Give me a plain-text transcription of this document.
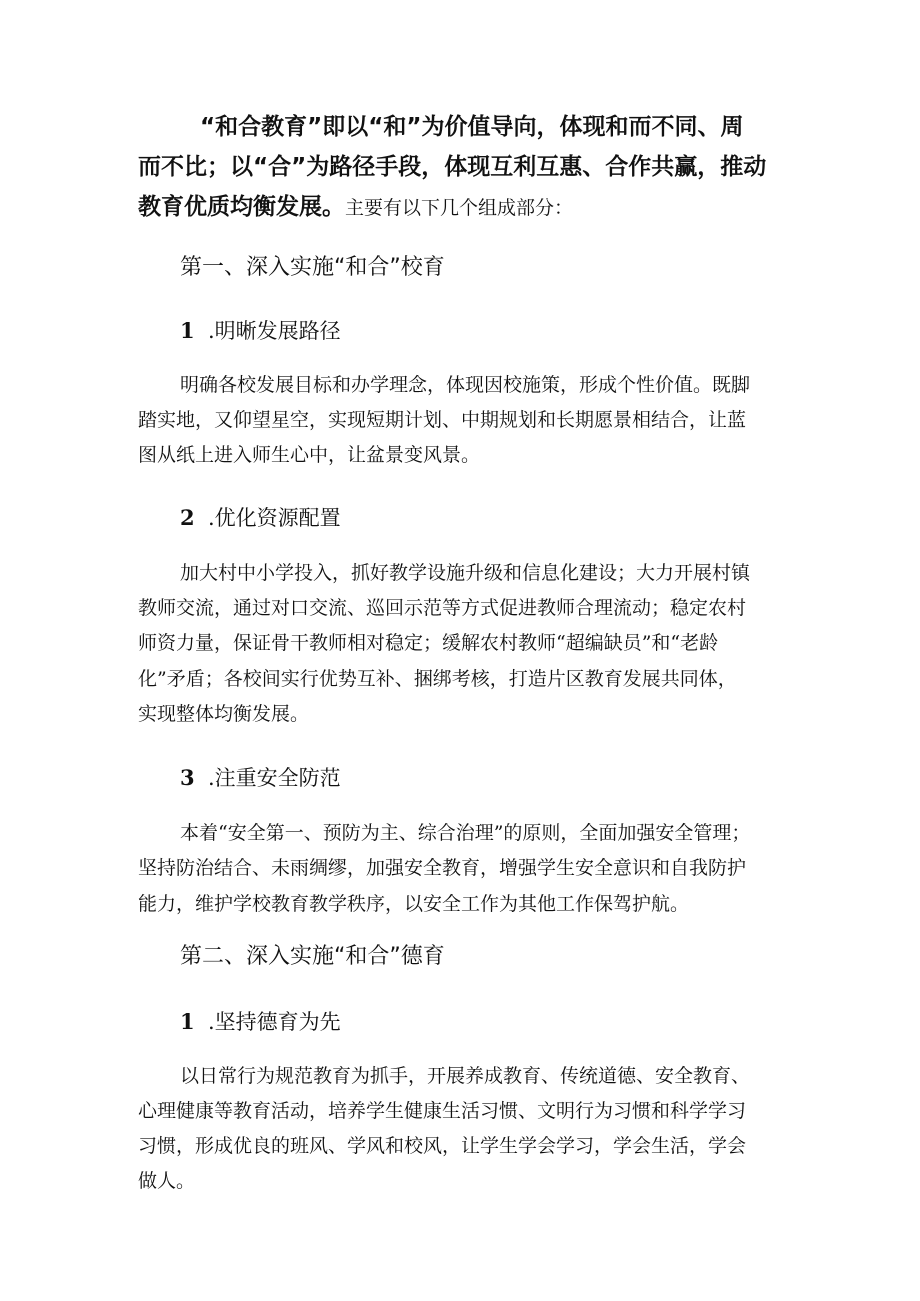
“和合教育”即以“和”为价值导向，体现和而不同、周
而不比；以“合”为路径手段，体现互利互惠、合作共赢，推动
教育优质均衡发展。主要有以下几个组成部分：
第一、深入实施“和合”校育
1 .明晰发展路径
明确各校发展目标和办学理念，体现因校施策，形成个性价值。既脚
踏实地，又仰望星空，实现短期计划、中期规划和长期愿景相结合，让蓝
图从纸上进入师生心中，让盆景变风景。
2 .优化资源配置
加大村中小学投入，抓好教学设施升级和信息化建设；大力开展村镇
教师交流，通过对口交流、巡回示范等方式促进教师合理流动；稳定农村
师资力量，保证骨干教师相对稳定；缓解农村教师“超编缺员”和“老龄
化”矛盾；各校间实行优势互补、捆绑考核，打造片区教育发展共同体，
实现整体均衡发展。
3 .注重安全防范
本着“安全第一、预防为主、综合治理”的原则，全面加强安全管理；
坚持防治结合、未雨绸缪，加强安全教育，增强学生安全意识和自我防护
能力，维护学校教育教学秩序，以安全工作为其他工作保驾护航。
第二、深入实施“和合”德育
1 .坚持德育为先
以日常行为规范教育为抓手，开展养成教育、传统道德、安全教育、
心理健康等教育活动，培养学生健康生活习惯、文明行为习惯和科学学习
习惯，形成优良的班风、学风和校风，让学生学会学习，学会生活，学会
做人。
